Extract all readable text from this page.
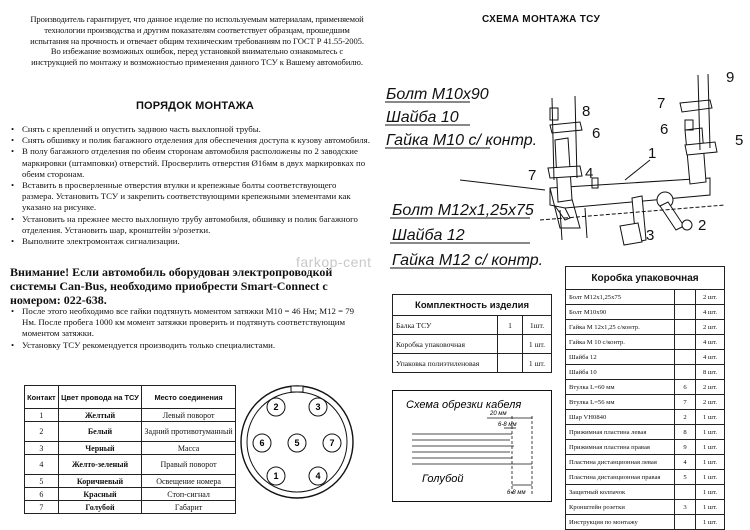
Производитель гарантирует, что данное изделие по используемым материалам, применяемой технологии производства и другим показателям соответствует образцам, прошедшим испытания на прочность и отвечает общим техническим требованиям по ГОСТ Р 41.55-2005. Во избежание возможных ошибок, перед установкой внимательно ознакомьтесь с инструкцией по монтажу и возможностью применения данного ТСУ к Вашему автомобилю.
ПОРЯДОК МОНТАЖА
• Снять с креплений и опустить заднюю часть выхлопной трубы.
• Снять обшивку и полик багажного отделения для обеспечения доступа к кузову автомобиля.
• В полу багажного отделения по обеим сторонам автомобиля расположены по 2 заводские маркировки (штамповки) отверстий. Просверлить отверстия Ø16мм в двух маркировках по обеим сторонам.
• Вставить в просверленные отверстия втулки и крепежные болты соответствующего размера. Установить ТСУ и закрепить соответствующими крепежными элементами как указано на рисунке.
• Установить на прежнее место выхлопную трубу автомобиля, обшивку и полик багажного отделения. Установить шар, кронштейн э/розетки.
• Выполните электромонтаж сигнализации.
Внимание! Если автомобиль оборудован электропроводкой системы Can-Bus, необходимо приобрести Smart-Connect с номером: 022-638.
• После этого необходимо все гайки подтянуть моментом затяжки М10 = 46 Нм; М12 = 79 Нм. После пробега 1000 км момент затяжки проверить и подтянуть соответствующим моментом затяжки.
• Установку ТСУ рекомендуется производить только специалистами.
Контакт	Цвет провода на ТСУ	Место соединения
1	Желтый	Левый поворот
2	Белый	Задний противотуманный
3	Черный	Масса
4	Желто-зеленый	Правый поворот
5	Коричневый	Освещение номера
6	Красный	Стоп-сигнал
7	Голубой	Габарит
2	3
6	7
5
1	4
СХЕМА МОНТАЖА ТСУ
Болт М10х90
Шайба 10
Гайка М10 с/ контр.
Болт М12х1,25х75
Шайба 12
Гайка М12 с/ контр.
1
2
3
4
5
6	6
7
7
8
9
farkop-cent
Комплектность изделия		
Балка ТСУ	1	1шт.
Коробка упаковочная		1 шт.
Упаковка полиэтиленовая		1 шт.
Схема обрезки кабеля
20 мм
6-8 мм
6-8 мм
Голубой
Коробка упаковочная		
Болт М12х1,25х75		2 шт.
Болт М10х90		4 шт.
Гайка М 12х1,25 с/контр.		2 шт.
Гайка М 10 с/контр.		4 шт.
Шайба 12		4 шт.
Шайба 10		8 шт.
Втулка L=60 мм	6	2 шт.
Втулка L=56 мм	7	2 шт.
Шар VH0840	2	1 шт.
Прижимная пластина левая	8	1 шт.
Прижимная пластина правая	9	1 шт.
Пластина дистанционная левая	4	1 шт.
Пластина дистанционная правая	5	1 шт.
Защитный колпачок		1 шт.
Кронштейн розетки	3	1 шт.
Инструкция по монтажу		1 шт.
